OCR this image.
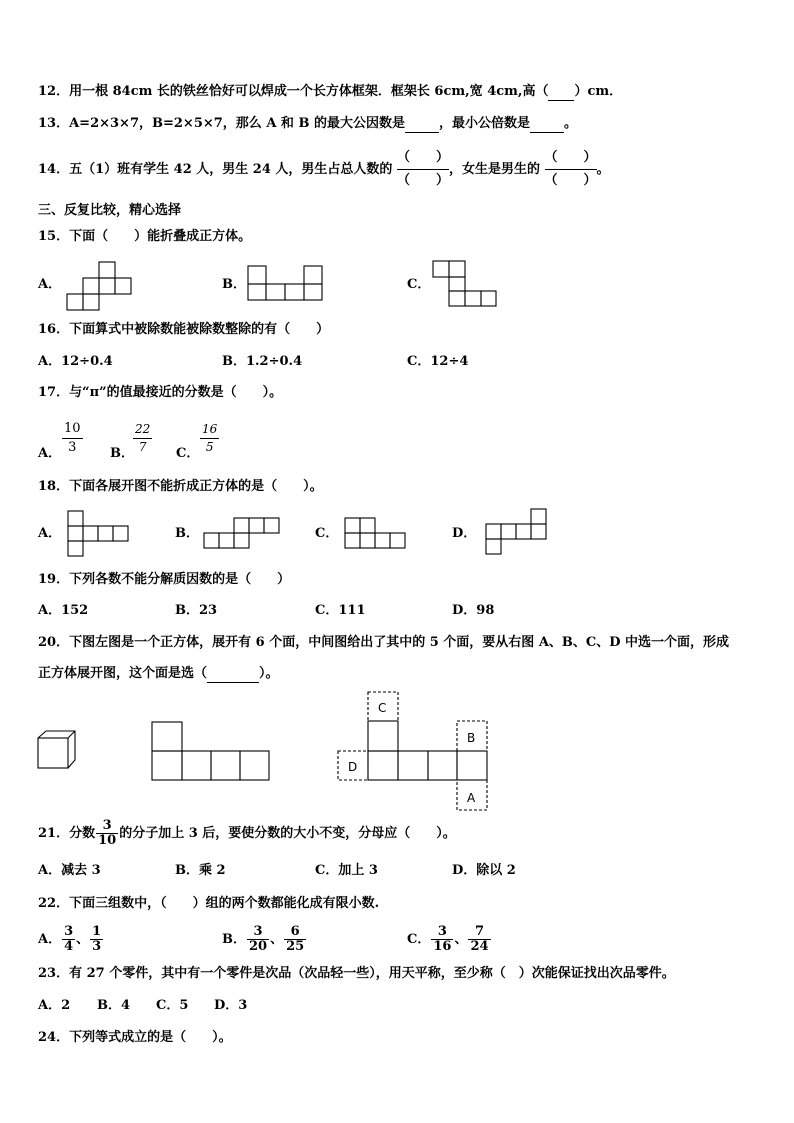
12．用一根 84cm 长的铁丝恰好可以焊成一个长方体框架．框架长 6cm,宽 4cm,高（ ）cm．
13．A=2×3×7，B=2×5×7，那么 A 和 B 的最大公因数是	，最小公倍数是	。
14．五（1）班有学生 42 人，男生 24 人，男生占总人数的
（　　）
（　　）
，女生是男生的
（　　）
（　　）
。
三、反复比较，精心选择
15．下面（　　）能折叠成正方体。
A．	B．	C．
16．下面算式中被除数能被除数整除的有（　　）
A．12÷0.4	B．1.2÷0.4	C．12÷4
17．与“π”的值最接近的分数是（　　）。
A．
10
3	B．
22
7	C．
16
5
18．下面各展开图不能折成正方体的是（　　）。
A．	B．	C．	D．
19．下列各数不能分解质因数的是（　　）
A．152	B．23	C．111	D．98
20．下图左图是一个正方体，展开有 6 个面，中间图给出了其中的 5 个面，要从右图 A、B、C、D 中选一个面，形成
正方体展开图，这个面是选（	）。
C
B
D
A
21．分数 $\frac{3}{10}$ 的分子加上 3 后，要使分数的大小不变，分母应（　　）。
A．减去 3	B．乘 2	C．加上 3	D．除以 2
22．下面三组数中，（　　）组的两个数都能化成有限小数.
A． $\frac{3}{4}$ 、 $\frac{1}{3}$	B． $\frac{3}{20}$ 、 $\frac{6}{25}$	C． $\frac{3}{16}$ 、 $\frac{7}{24}$
23．有 27 个零件，其中有一个零件是次品（次品轻一些），用天平称，至少称（　）次能保证找出次品零件。
A．2 B．4 C．5 D．3
24．下列等式成立的是（　　）。
